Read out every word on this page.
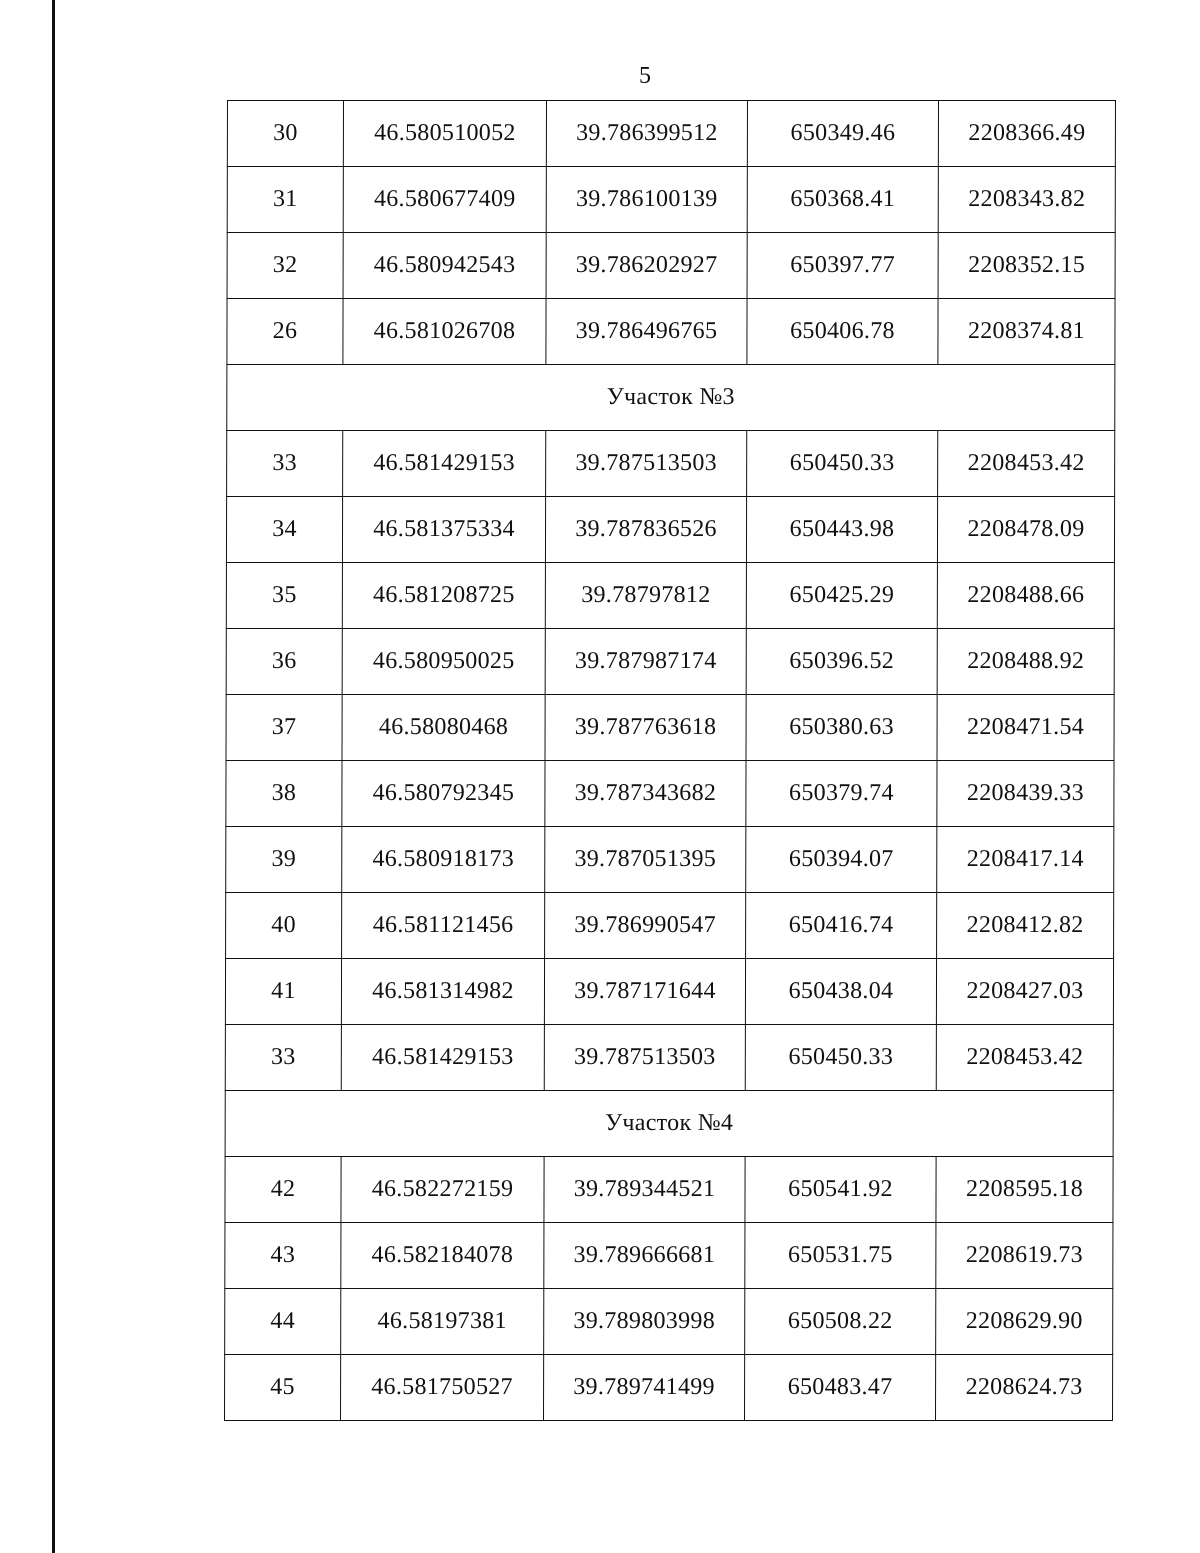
5
30	46.580510052	39.786399512	650349.46	2208366.49
31	46.580677409	39.786100139	650368.41	2208343.82
32	46.580942543	39.786202927	650397.77	2208352.15
26	46.581026708	39.786496765	650406.78	2208374.81
Участок №3				
33	46.581429153	39.787513503	650450.33	2208453.42
34	46.581375334	39.787836526	650443.98	2208478.09
35	46.581208725	39.78797812	650425.29	2208488.66
36	46.580950025	39.787987174	650396.52	2208488.92
37	46.58080468	39.787763618	650380.63	2208471.54
38	46.580792345	39.787343682	650379.74	2208439.33
39	46.580918173	39.787051395	650394.07	2208417.14
40	46.581121456	39.786990547	650416.74	2208412.82
41	46.581314982	39.787171644	650438.04	2208427.03
33	46.581429153	39.787513503	650450.33	2208453.42
Участок №4				
42	46.582272159	39.789344521	650541.92	2208595.18
43	46.582184078	39.789666681	650531.75	2208619.73
44	46.58197381	39.789803998	650508.22	2208629.90
45	46.581750527	39.789741499	650483.47	2208624.73
